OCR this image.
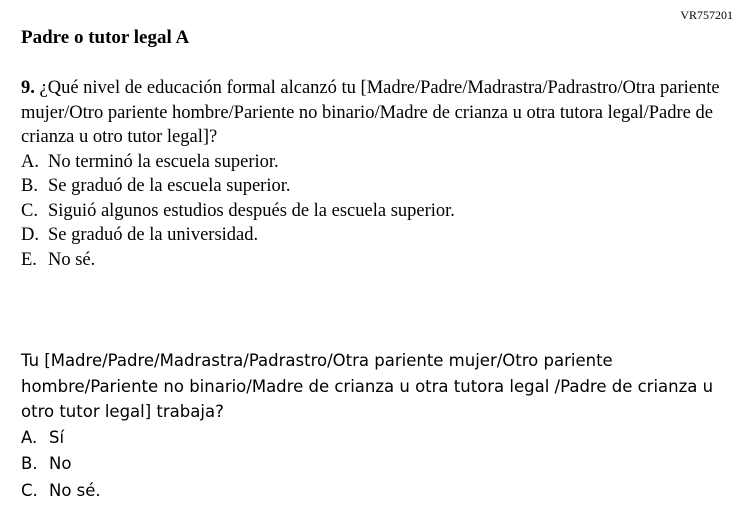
VR757201
Padre o tutor legal A

9. ¿Qué nivel de educación formal alcanzó tu [Madre/Padre/Madrastra/Padrastro/Otra pariente mujer/Otro pariente hombre/Pariente no binario/Madre de crianza u otra tutora legal/Padre de crianza u otro tutor legal]?

A. No terminó la escuela superior.
B. Se graduó de la escuela superior.
C. Siguió algunos estudios después de la escuela superior.
D. Se graduó de la universidad.
E. No sé.

Tu [Madre/Padre/Madrastra/Padrastro/Otra pariente mujer/Otro pariente hombre/Pariente no binario/Madre de crianza u otra tutora legal /Padre de crianza u otro tutor legal] trabaja?

A. Sí
B. No
C. No sé.
